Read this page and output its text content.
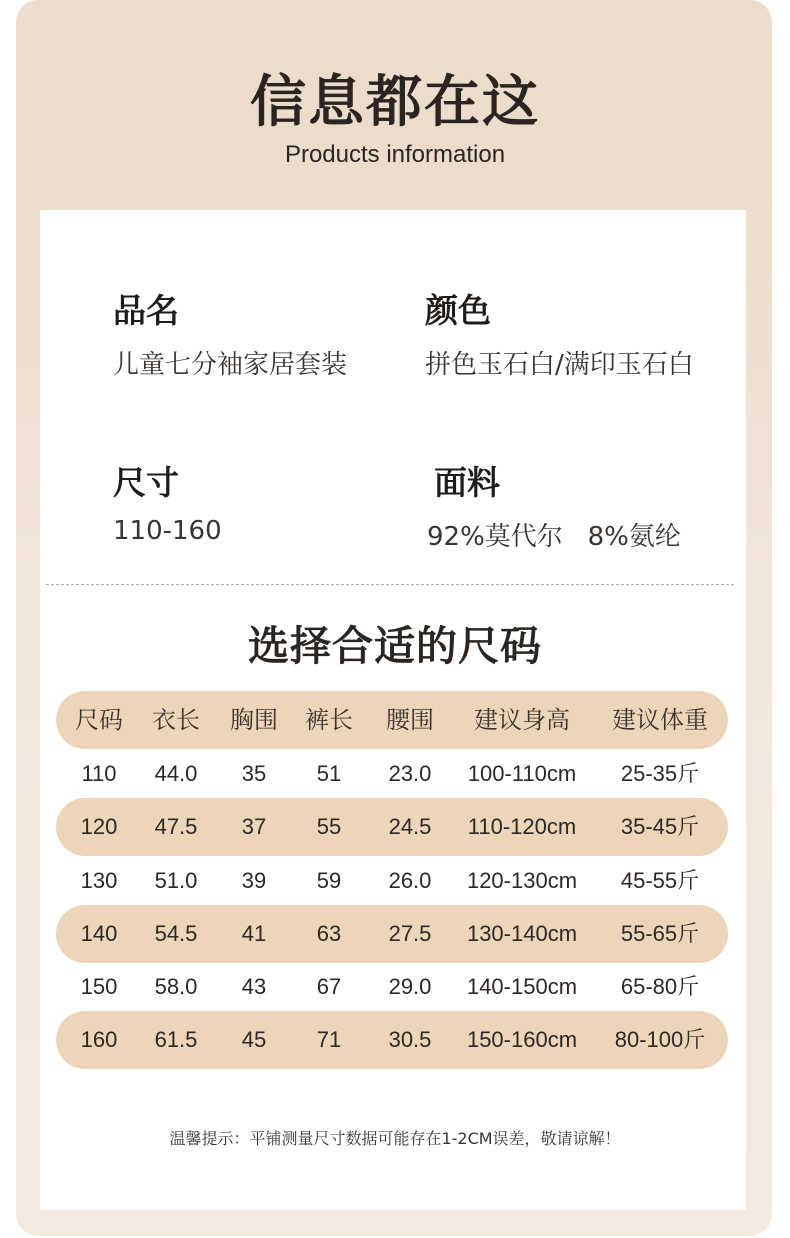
信息都在这
Products information
品名
儿童七分袖家居套装
颜色
拼色玉石白/满印玉石白
尺寸
110-160
面料
92%莫代尔   8%氨纶
选择合适的尺码
尺码	衣长	胸围	裤长	腰围	建议身高	建议体重
110	44.0	35	51	23.0	100-110cm	25-35斤
120	47.5	37	55	24.5	110-120cm	35-45斤
130	51.0	39	59	26.0	120-130cm	45-55斤
140	54.5	41	63	27.5	130-140cm	55-65斤
150	58.0	43	67	29.0	140-150cm	65-80斤
160	61.5	45	71	30.5	150-160cm	80-100斤
温馨提示：平铺测量尺寸数据可能存在1-2CM误差，敬请谅解！
